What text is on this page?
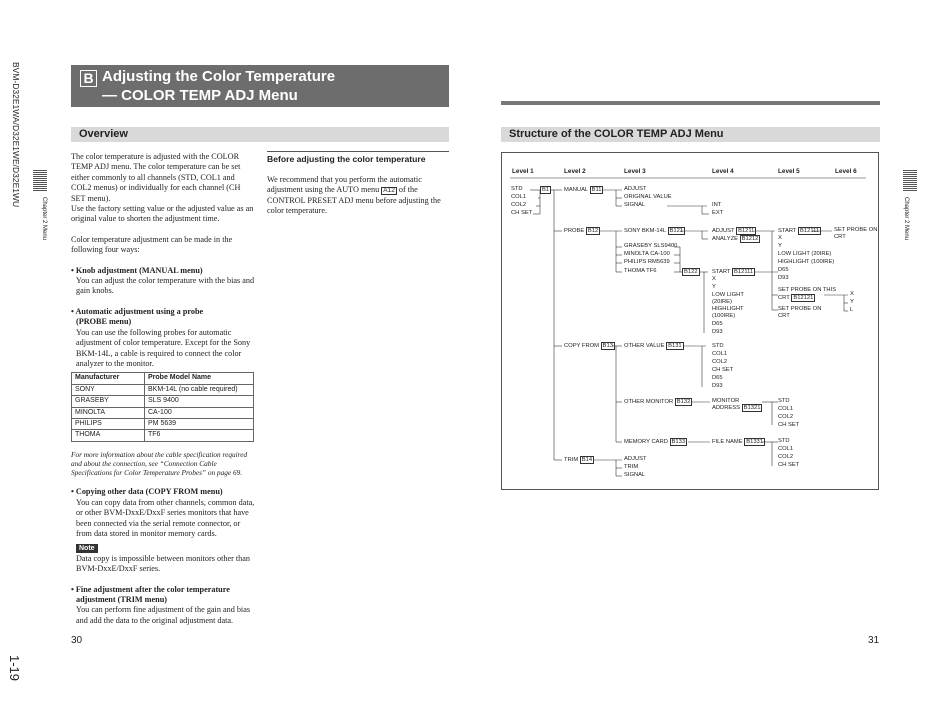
BVM-D32E1WA/D32E1WE/D32E1WU
Chapter 2 Menu
1-19
B Adjusting the Color Temperature
— COLOR TEMP ADJ Menu
Overview
The color temperature is adjusted with the COLOR TEMP ADJ menu. The color temperature can be set either commonly to all channels (STD, COL1 and COL2 menus) or individually for each channel (CH SET menu).
Use the factory setting value or the adjusted value as an original value to shorten the adjustment time.
Color temperature adjustment can be made in the following four ways:
• Knob adjustment (MANUAL menu)
You can adjust the color temperature with the bias and gain knobs.
• Automatic adjustment using a probe
(PROBE menu)
You can use the following probes for automatic adjustment of color temperature. Except for the Sony BKM-14L, a cable is required to connect the color analyzer to the monitor.
Manufacturer	Probe Model Name
SONY	BKM-14L (no cable required)
GRASEBY	SLS 9400
MINOLTA	CA-100
PHILIPS	PM 5639
THOMA	TF6
For more information about the cable specification required and about the connection, see “Connection Cable Specifications for Color Temperature Probes” on page 69.
• Copying other data (COPY FROM menu)
You can copy data from other channels, common data, or other BVM-DxxE/DxxF series monitors that have been connected via the serial remote connector, or from data stored in monitor memory cards.
Note
Data copy is impossible between monitors other than BVM-DxxE/DxxF series.
• Fine adjustment after the color temperature
adjustment (TRIM menu)
You can perform fine adjustment of the gain and bias and add the data to the original adjustment data.
Before adjusting the color temperature
We recommend that you perform the automatic adjustment using the AUTO menu A12 of the CONTROL PRESET ADJ menu before adjusting the color temperature.
30
Structure of the COLOR TEMP ADJ Menu
Chapter 2 Menu
31
Level 1	Level 2	Level 3	Level 4	Level 5	Level 6
STD
COL1
COL2
CH SET
B1	MANUAL B11	ADJUST
ORIGINAL VALUE
SIGNAL	INT
EXT
PROBE B12	SONY BKM-14L B121	ADJUST B1211
ANALYZE B1212
START B12111	SET PROBE ON CRT
X
Y
LOW LIGHT (20IRE)
HIGHLIGHT (100IRE)
D65
D93
SET PROBE ON THIS CRT B12121
X
Y
L
SET PROBE ON CRT
GRASEBY SLS9400
MINOLTA CA-100
PHILIPS RM5639
THOMA TF6	B122	START B12111
X
Y
LOW LIGHT
(20IRE)
HIGHLIGHT
(100IRE)
D65
D93
COPY FROM B13	OTHER VALUE B131	STD
COL1
COL2
CH SET
D65
D93
OTHER MONITOR B132	MONITOR
ADDRESS B1321
STD
COL1
COL2
CH SET
MEMORY CARD B133	FILE NAME B1331	STD
COL1
COL2
CH SET
TRIM B14	ADJUST
TRIM
SIGNAL
